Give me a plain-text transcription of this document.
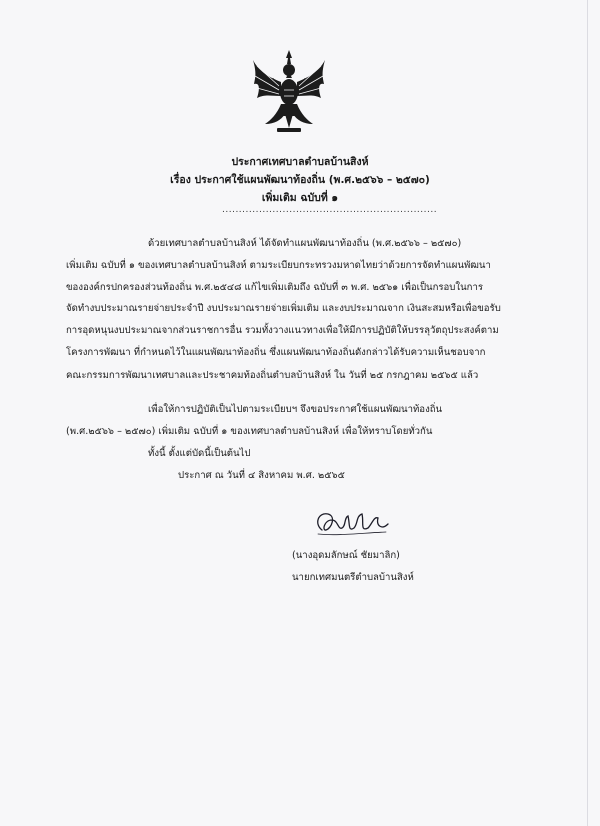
ประกาศเทศบาลตำบลบ้านสิงห์
เรื่อง ประกาศใช้แผนพัฒนาท้องถิ่น (พ.ศ.๒๕๖๖ – ๒๕๗๐)
เพิ่มเติม ฉบับที่ ๑
................................................................
ด้วยเทศบาลตำบลบ้านสิงห์ ได้จัดทำแผนพัฒนาท้องถิ่น (พ.ศ.๒๕๖๖ – ๒๕๗๐)
เพิ่มเติม ฉบับที่ ๑ ของเทศบาลตำบลบ้านสิงห์ ตามระเบียบกระทรวงมหาดไทยว่าด้วยการจัดทำแผนพัฒนา
ขององค์กรปกครองส่วนท้องถิ่น พ.ศ.๒๕๔๘ แก้ไขเพิ่มเติมถึง ฉบับที่ ๓ พ.ศ. ๒๕๖๑ เพื่อเป็นกรอบในการ
จัดทำงบประมาณรายจ่ายประจำปี งบประมาณรายจ่ายเพิ่มเติม และงบประมาณจาก เงินสะสมหรือเพื่อขอรับ
การอุดหนุนงบประมาณจากส่วนราชการอื่น รวมทั้งวางแนวทางเพื่อให้มีการปฏิบัติให้บรรลุวัตถุประสงค์ตาม
โครงการพัฒนา ที่กำหนดไว้ในแผนพัฒนาท้องถิ่น ซึ่งแผนพัฒนาท้องถิ่นดังกล่าวได้รับความเห็นชอบจาก
คณะกรรมการพัฒนาเทศบาลและประชาคมท้องถิ่นตำบลบ้านสิงห์ ใน วันที่ ๒๕ กรกฎาคม ๒๕๖๕ แล้ว
เพื่อให้การปฏิบัติเป็นไปตามระเบียบฯ จึงขอประกาศใช้แผนพัฒนาท้องถิ่น
(พ.ศ.๒๕๖๖ – ๒๕๗๐) เพิ่มเติม ฉบับที่ ๑ ของเทศบาลตำบลบ้านสิงห์ เพื่อให้ทราบโดยทั่วกัน
ทั้งนี้ ตั้งแต่บัดนี้เป็นต้นไป
ประกาศ ณ วันที่ ๔ สิงหาคม พ.ศ. ๒๕๖๕
(นางอุดมลักษณ์ ชัยมาลิก)
นายกเทศมนตรีตำบลบ้านสิงห์
